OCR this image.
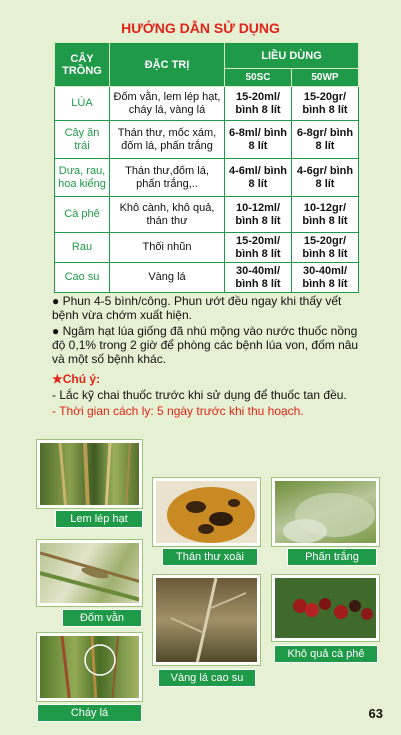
HƯỚNG DẪN SỬ DỤNG
CÂY TRỒNG	ĐẶC TRỊ	LIỀU DÙNG	
		50SC	50WP
LÚA	Đốm vằn, lem lép hạt, cháy lá, vàng lá	15-20ml/ bình 8 lít	15-20gr/ bình 8 lít
Cây ăn trái	Thán thư, mốc xám, đốm lá, phấn trắng	6-8ml/ bình 8 lít	6-8gr/ bình 8 lít
Dưa, rau, hoa kiểng	Thán thư,đốm lá, phấn trắng,..	4-6ml/ bình 8 lít	4-6gr/ bình 8 lít
Cà phê	Khô cành, khô quả, thán thư	10-12ml/ bình 8 lít	10-12gr/ bình 8 lít
Rau	Thối nhũn	15-20ml/ bình 8 lít	15-20gr/ bình 8 lít
Cao su	Vàng lá	30-40ml/ bình 8 lít	30-40ml/ bình 8 lít

● Phun 4-5 bình/công. Phun ướt đều ngay khi thấy vết bệnh vừa chớm xuất hiện.

● Ngâm hạt lúa giống đã nhú mộng vào nước thuốc nồng độ 0,1% trong 2 giờ để phòng các bệnh lúa von, đốm nâu và một số bệnh khác.

★Chú ý:

- Lắc kỹ chai thuốc trước khi sử dụng để thuốc tan đều.

- Thời gian cách ly: 5 ngày trước khi thu hoạch.

Lem lép hạt
Thán thư xoài	Phấn trắng
Đốm vằn
Vàng lá cao su
Khô quả cà phê
Cháy lá	63
